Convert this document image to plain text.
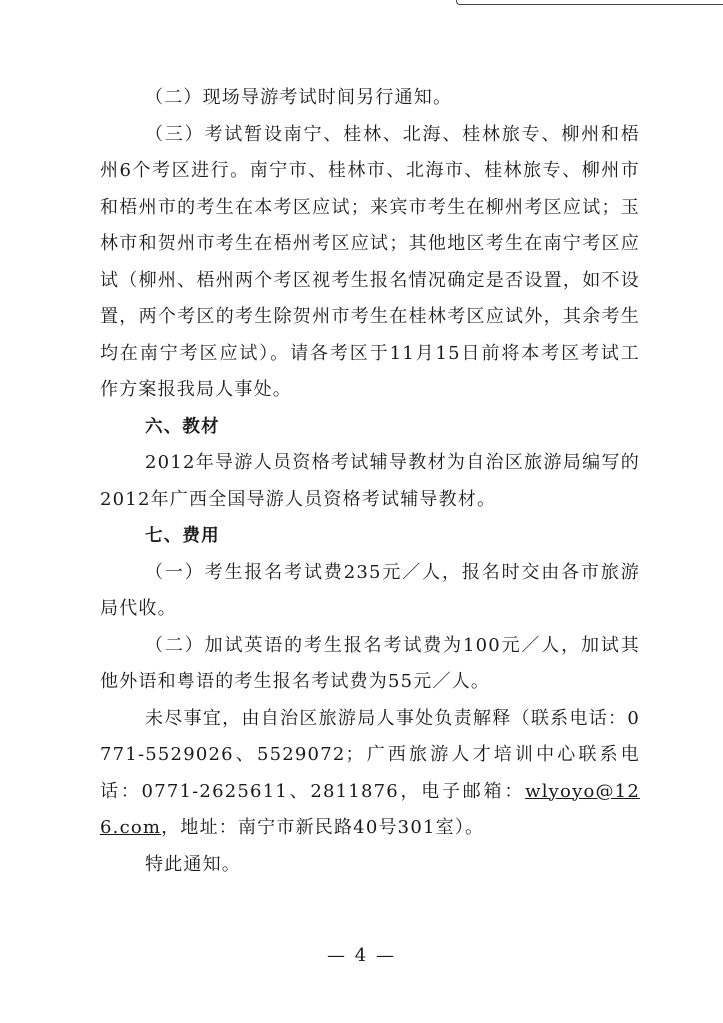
（二）现场导游考试时间另行通知。

（三）考试暂设南宁、桂林、北海、桂林旅专、柳州和梧州6个考区进行。南宁市、桂林市、北海市、桂林旅专、柳州市和梧州市的考生在本考区应试；来宾市考生在柳州考区应试；玉林市和贺州市考生在梧州考区应试；其他地区考生在南宁考区应试（柳州、梧州两个考区视考生报名情况确定是否设置，如不设置，两个考区的考生除贺州市考生在桂林考区应试外，其余考生均在南宁考区应试）。请各考区于11月15日前将本考区考试工作方案报我局人事处。

六、教材

2012年导游人员资格考试辅导教材为自治区旅游局编写的2012年广西全国导游人员资格考试辅导教材。

七、费用

（一）考生报名考试费235元／人，报名时交由各市旅游局代收。

（二）加试英语的考生报名考试费为100元／人，加试其他外语和粤语的考生报名考试费为55元／人。

未尽事宜，由自治区旅游局人事处负责解释（联系电话：0771-5529026、5529072；广西旅游人才培训中心联系电话：0771-2625611、2811876，电子邮箱：wlyoyo@126.com，地址：南宁市新民路40号301室）。

特此通知。

— 4 —
